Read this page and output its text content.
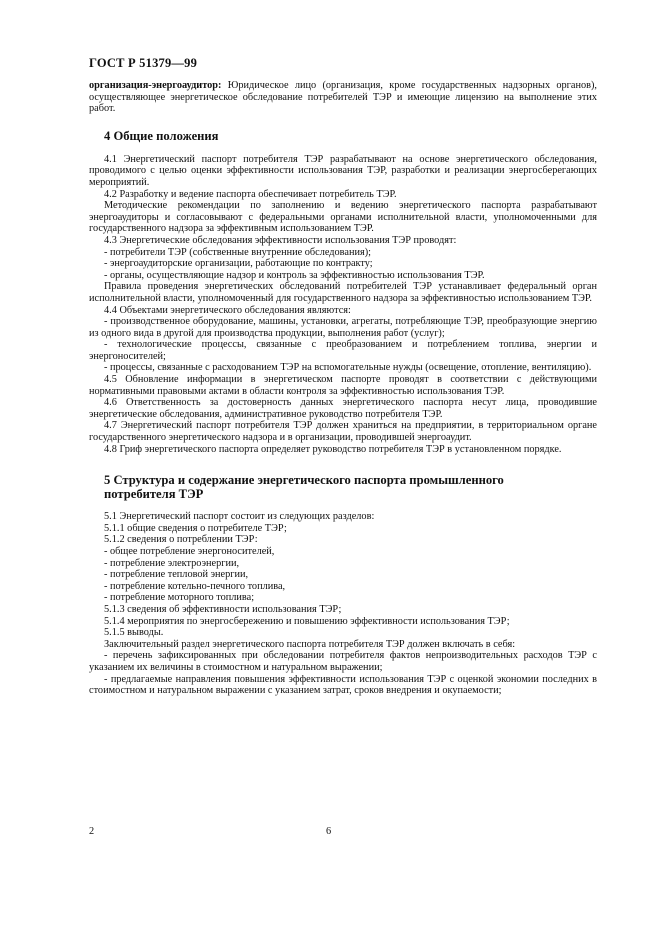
ГОСТ Р 51379—99

организация-энергоаудитор: Юридическое лицо (организация, кроме государственных надзорных органов), осуществляющее энергетическое обследование потребителей ТЭР и имеющие лицензию на выполнение этих работ.

4 Общие положения

4.1 Энергетический паспорт потребителя ТЭР разрабатывают на основе энергетического обследования, проводимого с целью оценки эффективности использования ТЭР, разработки и реализации энергосберегающих мероприятий.

4.2 Разработку и ведение паспорта обеспечивает потребитель ТЭР.

Методические рекомендации по заполнению и ведению энергетического паспорта разрабатывают энергоаудиторы и согласовывают с федеральными органами исполнительной власти, уполномоченными для государственного надзора за эффективным использованием ТЭР.

4.3 Энергетические обследования эффективности использования ТЭР проводят:

- потребители ТЭР (собственные внутренние обследования);

- энергоаудиторские организации, работающие по контракту;

- органы, осуществляющие надзор и контроль за эффективностью использования ТЭР.

Правила проведения энергетических обследований потребителей ТЭР устанавливает федеральный орган исполнительной власти, уполномоченный для государственного надзора за эффективностью использованием ТЭР.

4.4 Объектами энергетического обследования являются:

- производственное оборудование, машины, установки, агрегаты, потребляющие ТЭР, преобразующие энергию из одного вида в другой для производства продукции, выполнения работ (услуг);

- технологические процессы, связанные с преобразованием и потреблением топлива, энергии и энергоносителей;

- процессы, связанные с расходованием ТЭР на вспомогательные нужды (освещение, отопление, вентиляцию).

4.5 Обновление информации в энергетическом паспорте проводят в соответствии с действующими нормативными правовыми актами в области контроля за эффективностью использования ТЭР.

4.6 Ответственность за достоверность данных энергетического паспорта несут лица, проводившие энергетические обследования, административное руководство потребителя ТЭР.

4.7 Энергетический паспорт потребителя ТЭР должен храниться на предприятии, в территориальном органе государственного энергетического надзора и в организации, проводившей энергоаудит.

4.8 Гриф энергетического паспорта определяет руководство потребителя ТЭР в установленном порядке.

5 Структура и содержание энергетического паспорта промышленного потребителя ТЭР

5.1 Энергетический паспорт состоит из следующих разделов:

5.1.1 общие сведения о потребителе ТЭР;

5.1.2 сведения о потреблении ТЭР:

- общее потребление энергоносителей,

- потребление электроэнергии,

- потребление тепловой энергии,

- потребление котельно-печного топлива,

- потребление моторного топлива;

5.1.3 сведения об эффективности использования ТЭР;

5.1.4 мероприятия по энергосбережению и повышению эффективности использования ТЭР;

5.1.5 выводы.

Заключительный раздел энергетического паспорта потребителя ТЭР должен включать в себя:

- перечень зафиксированных при обследовании потребителя фактов непроизводительных расходов ТЭР с указанием их величины в стоимостном и натуральном выражении;

- предлагаемые направления повышения эффективности использования ТЭР с оценкой экономии последних в стоимостном и натуральном выражении с указанием затрат, сроков внедрения и окупаемости;

2	6
